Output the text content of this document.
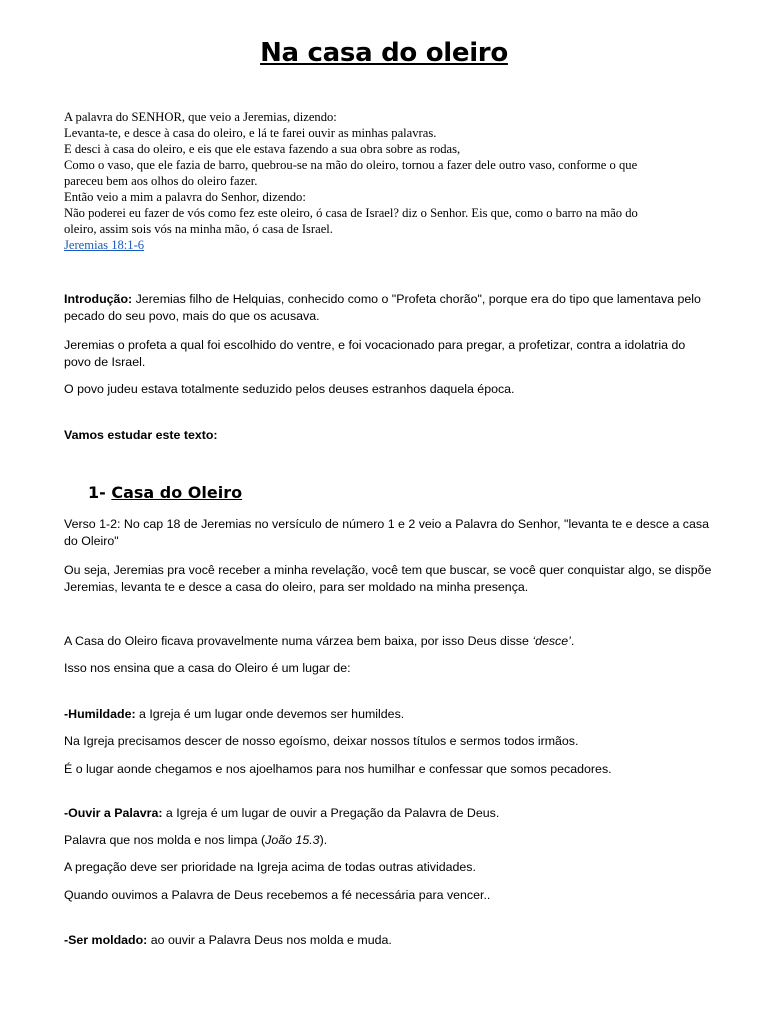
Na casa do oleiro
A palavra do SENHOR, que veio a Jeremias, dizendo:
Levanta-te, e desce à casa do oleiro, e lá te farei ouvir as minhas palavras.
E desci à casa do oleiro, e eis que ele estava fazendo a sua obra sobre as rodas,
Como o vaso, que ele fazia de barro, quebrou-se na mão do oleiro, tornou a fazer dele outro vaso, conforme o que
pareceu bem aos olhos do oleiro fazer.
Então veio a mim a palavra do Senhor, dizendo:
Não poderei eu fazer de vós como fez este oleiro, ó casa de Israel? diz o Senhor. Eis que, como o barro na mão do
oleiro, assim sois vós na minha mão, ó casa de Israel.
Jeremias 18:1-6

Introdução: Jeremias filho de Helquias, conhecido como o "Profeta chorão", porque era do tipo que lamentava pelo pecado do seu povo, mais do que os acusava.

Jeremias o profeta a qual foi escolhido do ventre, e foi vocacionado para pregar, a profetizar, contra a idolatria do povo de Israel.

O povo judeu estava totalmente seduzido pelos deuses estranhos daquela época.

Vamos estudar este texto:

1- Casa do Oleiro

Verso 1-2: No cap 18 de Jeremias no versículo de número 1 e 2 veio a Palavra do Senhor, "levanta te e desce a casa do Oleiro"

Ou seja, Jeremias pra você receber a minha revelação, você tem que buscar, se você quer conquistar algo, se dispõe Jeremias, levanta te e desce a casa do oleiro, para ser moldado na minha presença.

A Casa do Oleiro ficava provavelmente numa várzea bem baixa, por isso Deus disse ‘desce’.

Isso nos ensina que a casa do Oleiro é um lugar de:

-Humildade: a Igreja é um lugar onde devemos ser humildes.

Na Igreja precisamos descer de nosso egoísmo, deixar nossos títulos e sermos todos irmãos.

É o lugar aonde chegamos e nos ajoelhamos para nos humilhar e confessar que somos pecadores.

-Ouvir a Palavra: a Igreja é um lugar de ouvir a Pregação da Palavra de Deus.

Palavra que nos molda e nos limpa (João 15.3).

A pregação deve ser prioridade na Igreja acima de todas outras atividades.

Quando ouvimos a Palavra de Deus recebemos a fé necessária para vencer..

-Ser moldado: ao ouvir a Palavra Deus nos molda e muda.
